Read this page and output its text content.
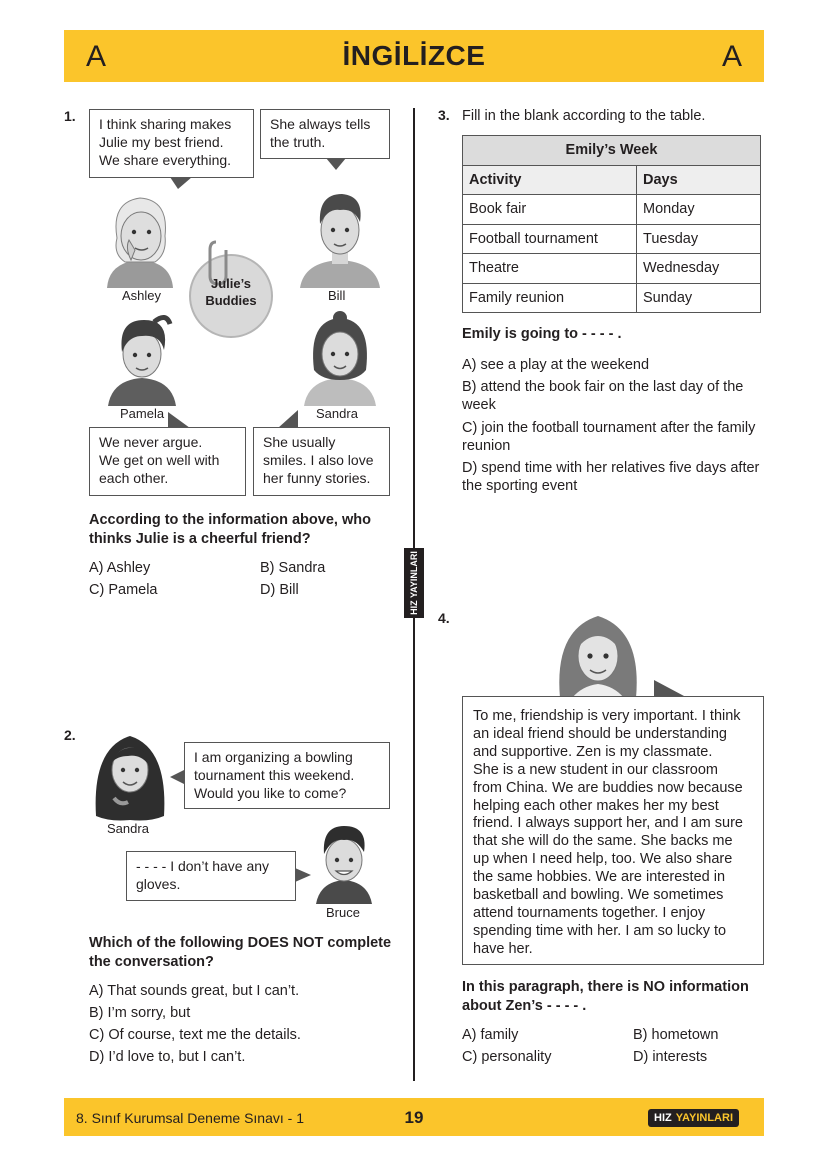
A	İNGİLİZCE	A
HIZ YAYINLARI
1. I think sharing makes
Julie my best friend.
We share everything.
She always tells
the truth.
Ashley	Bill
Julie’s
Buddies
Pamela	Sandra
We never argue.
We get on well with
each other.
She usually
smiles. I also love
her funny stories.
According to the information above, who
thinks Julie is a cheerful friend?
A) Ashley	B) Sandra
C) Pamela	D) Bill
2.
Sandra
I am organizing a bowling
tournament this weekend.
Would you like to come?
- - - - I don’t have any
gloves.
Bruce
Which of the following DOES NOT complete
the conversation?
A) That sounds great, but I can’t.
B) I’m sorry, but
C) Of course, text me the details.
D) I’d love to, but I can’t.
3. Fill in the blank according to the table.
Emily’s Week	
Activity	Days
Book fair	Monday
Football tournament	Tuesday
Theatre	Wednesday
Family reunion	Sunday
Emily is going to - - - - .
A) see a play at the weekend
B) attend the book fair on the last day of the
week
C) join the football tournament after the family
reunion
D) spend time with her relatives five days after
the sporting event
4.
To me, friendship is very important. I think
an ideal friend should be understanding
and supportive. Zen is my classmate.
She is a new student in our classroom
from China. We are buddies now because
helping each other makes her my best
friend. I always support her, and I am sure
that she will do the same. She backs me
up when I need help, too. We also share
the same hobbies. We are interested in
basketball and bowling. We sometimes
attend tournaments together. I enjoy
spending time with her. I am so lucky to
have her.
In this paragraph, there is NO information
about Zen’s - - - - .
A) family	B) hometown
C) personality	D) interests
8. Sınıf Kurumsal Deneme Sınavı - 1	19	HIZ YAYINLARI
